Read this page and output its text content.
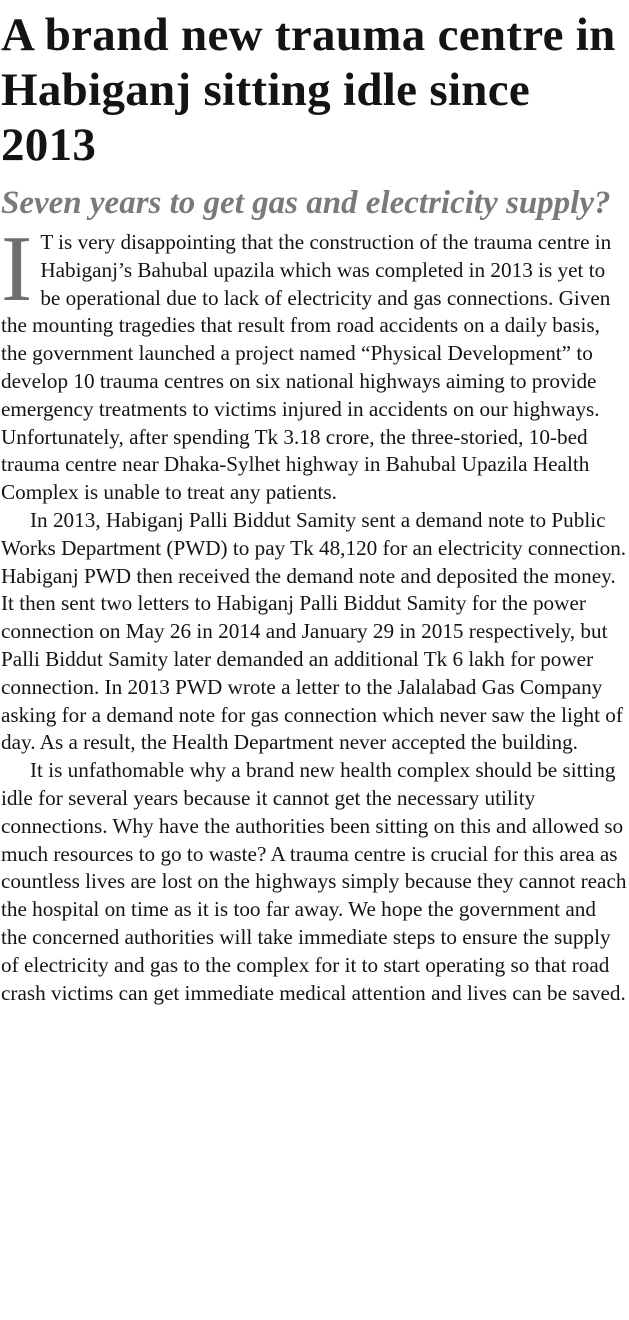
A brand new trauma centre in Habiganj sitting idle since 2013
Seven years to get gas and electricity supply?

I T is very disappointing that the construction of the trauma centre in Habiganj’s Bahubal upazila which was completed in 2013 is yet to be operational due to lack of electricity and gas connections. Given the mounting tragedies that result from road accidents on a daily basis, the government launched a project named “Physical Development” to develop 10 trauma centres on six national highways aiming to provide emergency treatments to victims injured in accidents on our highways. Unfortunately, after spending Tk 3.18 crore, the three-storied, 10-bed trauma centre near Dhaka-Sylhet highway in Bahubal Upazila Health Complex is unable to treat any patients.

In 2013, Habiganj Palli Biddut Samity sent a demand note to Public Works Department (PWD) to pay Tk 48,120 for an electricity connection. Habiganj PWD then received the demand note and deposited the money. It then sent two letters to Habiganj Palli Biddut Samity for the power connection on May 26 in 2014 and January 29 in 2015 respectively, but Palli Biddut Samity later demanded an additional Tk 6 lakh for power connection. In 2013 PWD wrote a letter to the Jalalabad Gas Company asking for a demand note for gas connection which never saw the light of day. As a result, the Health Department never accepted the building.

It is unfathomable why a brand new health complex should be sitting idle for several years because it cannot get the necessary utility connections. Why have the authorities been sitting on this and allowed so much resources to go to waste? A trauma centre is crucial for this area as countless lives are lost on the highways simply because they cannot reach the hospital on time as it is too far away. We hope the government and the concerned authorities will take immediate steps to ensure the supply of electricity and gas to the complex for it to start operating so that road crash victims can get immediate medical attention and lives can be saved.
